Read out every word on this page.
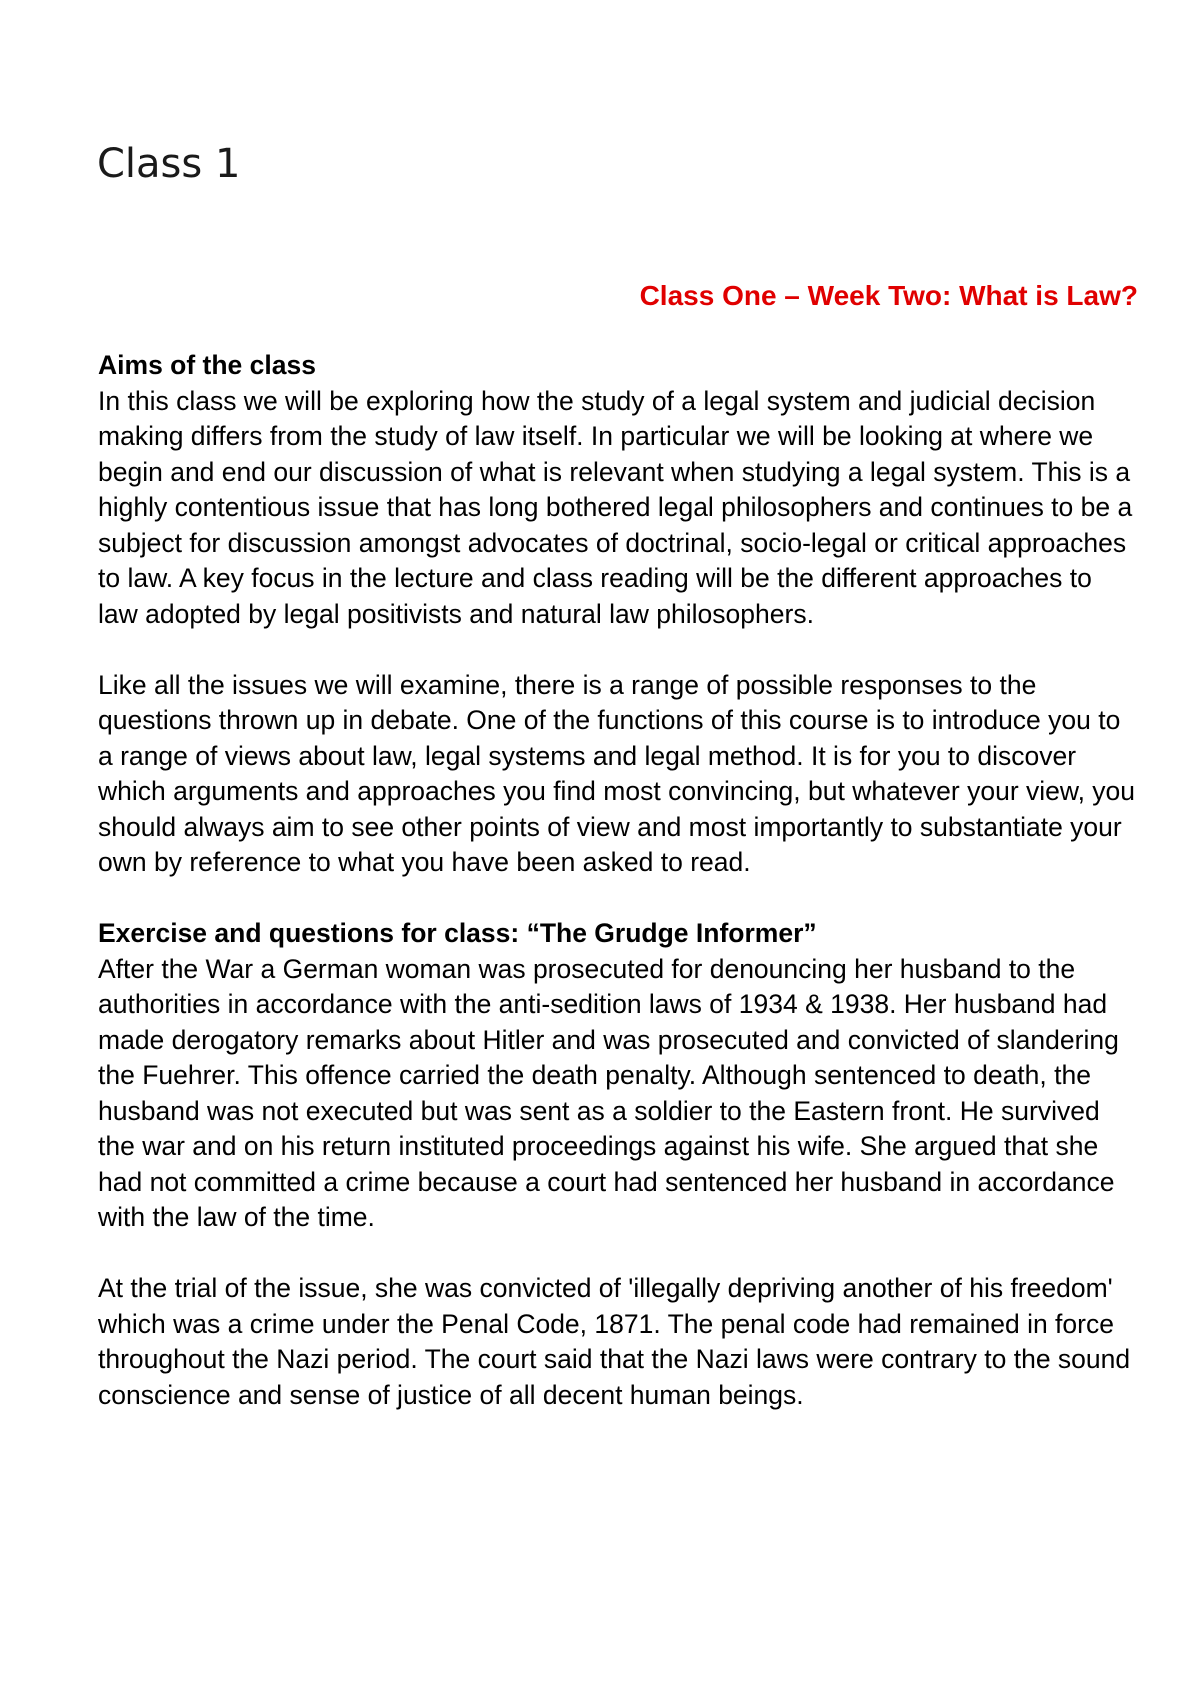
Class 1
Class One – Week Two: What is Law?
Aims of the class

In this class we will be exploring how the study of a legal system and judicial decision making differs from the study of law itself. In particular we will be looking at where we begin and end our discussion of what is relevant when studying a legal system. This is a highly contentious issue that has long bothered legal philosophers and continues to be a subject for discussion amongst advocates of doctrinal, socio-legal or critical approaches to law. A key focus in the lecture and class reading will be the different approaches to law adopted by legal positivists and natural law philosophers.

Like all the issues we will examine, there is a range of possible responses to the questions thrown up in debate. One of the functions of this course is to introduce you to a range of views about law, legal systems and legal method. It is for you to discover which arguments and approaches you find most convincing, but whatever your view, you should always aim to see other points of view and most importantly to substantiate your own by reference to what you have been asked to read.

Exercise and questions for class: “The Grudge Informer”

After the War a German woman was prosecuted for denouncing her husband to the authorities in accordance with the anti-sedition laws of 1934 & 1938. Her husband had made derogatory remarks about Hitler and was prosecuted and convicted of slandering the Fuehrer. This offence carried the death penalty. Although sentenced to death, the husband was not executed but was sent as a soldier to the Eastern front. He survived the war and on his return instituted proceedings against his wife. She argued that she had not committed a crime because a court had sentenced her husband in accordance with the law of the time.

At the trial of the issue, she was convicted of 'illegally depriving another of his freedom' which was a crime under the Penal Code, 1871. The penal code had remained in force throughout the Nazi period. The court said that the Nazi laws were contrary to the sound conscience and sense of justice of all decent human beings.
